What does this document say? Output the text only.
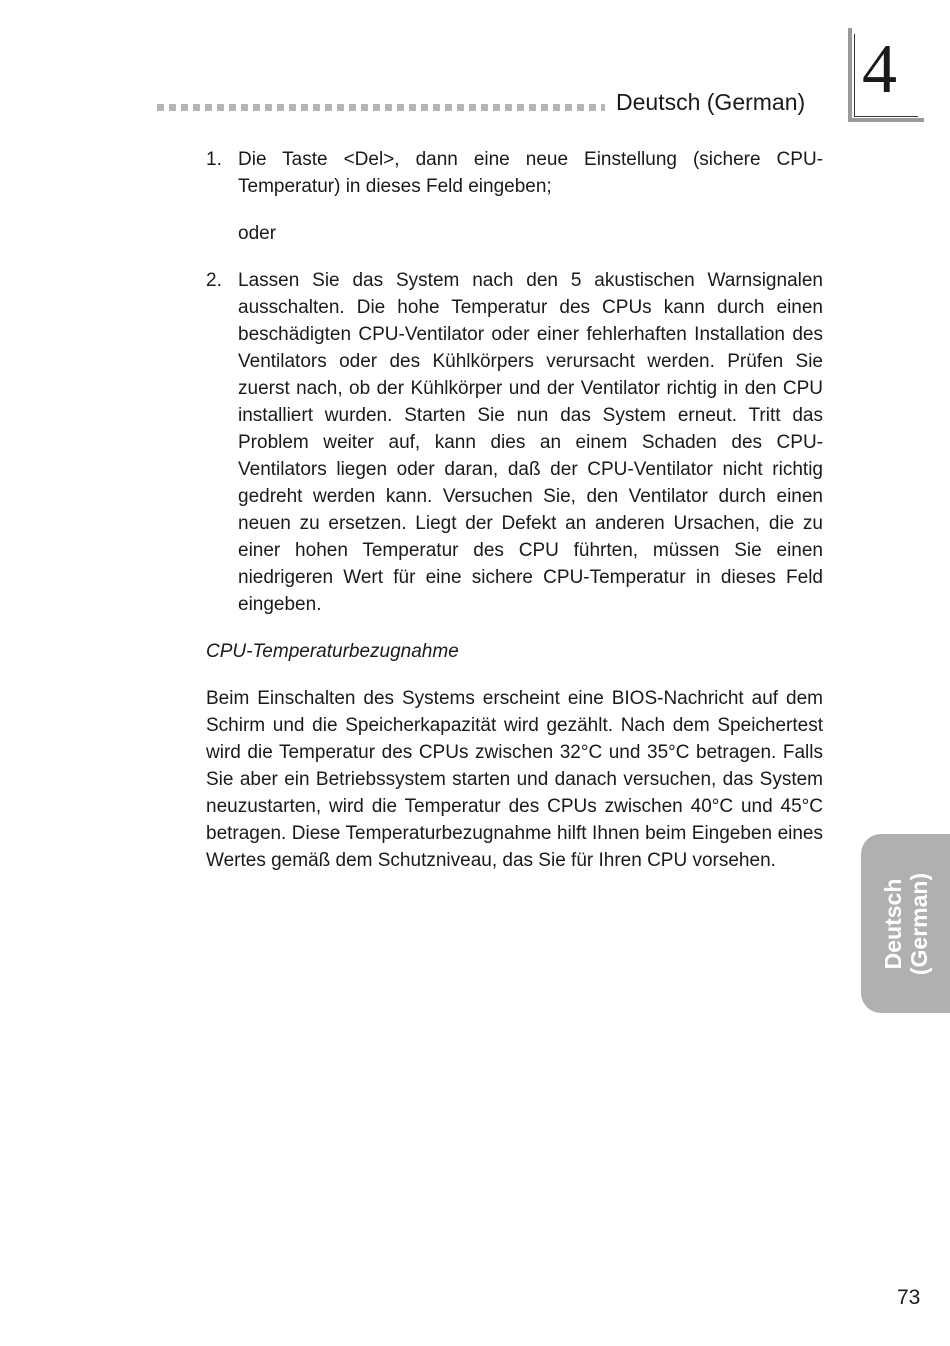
Deutsch (German) 4
1. Die Taste <Del>, dann eine neue Einstellung (sichere CPU-Temperatur) in dieses Feld eingeben;
oder
2. Lassen Sie das System nach den 5 akustischen Warnsignalen ausschalten. Die hohe Temperatur des CPUs kann durch einen beschädigten CPU-Ventilator oder einer fehlerhaften Installation des Ventilators oder des Kühlkörpers verursacht werden. Prüfen Sie zuerst nach, ob der Kühlkörper und der Ventilator richtig in den CPU installiert wurden. Starten Sie nun das System erneut. Tritt das Problem weiter auf, kann dies an einem Schaden des CPU-Ventilators liegen oder daran, daß der CPU-Ventilator nicht richtig gedreht werden kann. Versuchen Sie, den Ventilator durch einen neuen zu ersetzen. Liegt der Defekt an anderen Ursachen, die zu einer hohen Temperatur des CPU führten, müssen Sie einen niedrigeren Wert für eine sichere CPU-Temperatur in dieses Feld eingeben.
CPU-Temperaturbezugnahme

Beim Einschalten des Systems erscheint eine BIOS-Nachricht auf dem Schirm und die Speicherkapazität wird gezählt. Nach dem Speichertest wird die Temperatur des CPUs zwischen 32°C und 35°C betragen. Falls Sie aber ein Betriebssystem starten und danach versuchen, das System neuzustarten, wird die Temperatur des CPUs zwischen 40°C und 45°C betragen. Diese Temperaturbezugnahme hilft Ihnen beim Eingeben eines Wertes gemäß dem Schutzniveau, das Sie für Ihren CPU vorsehen.

Deutsch (German)
73
